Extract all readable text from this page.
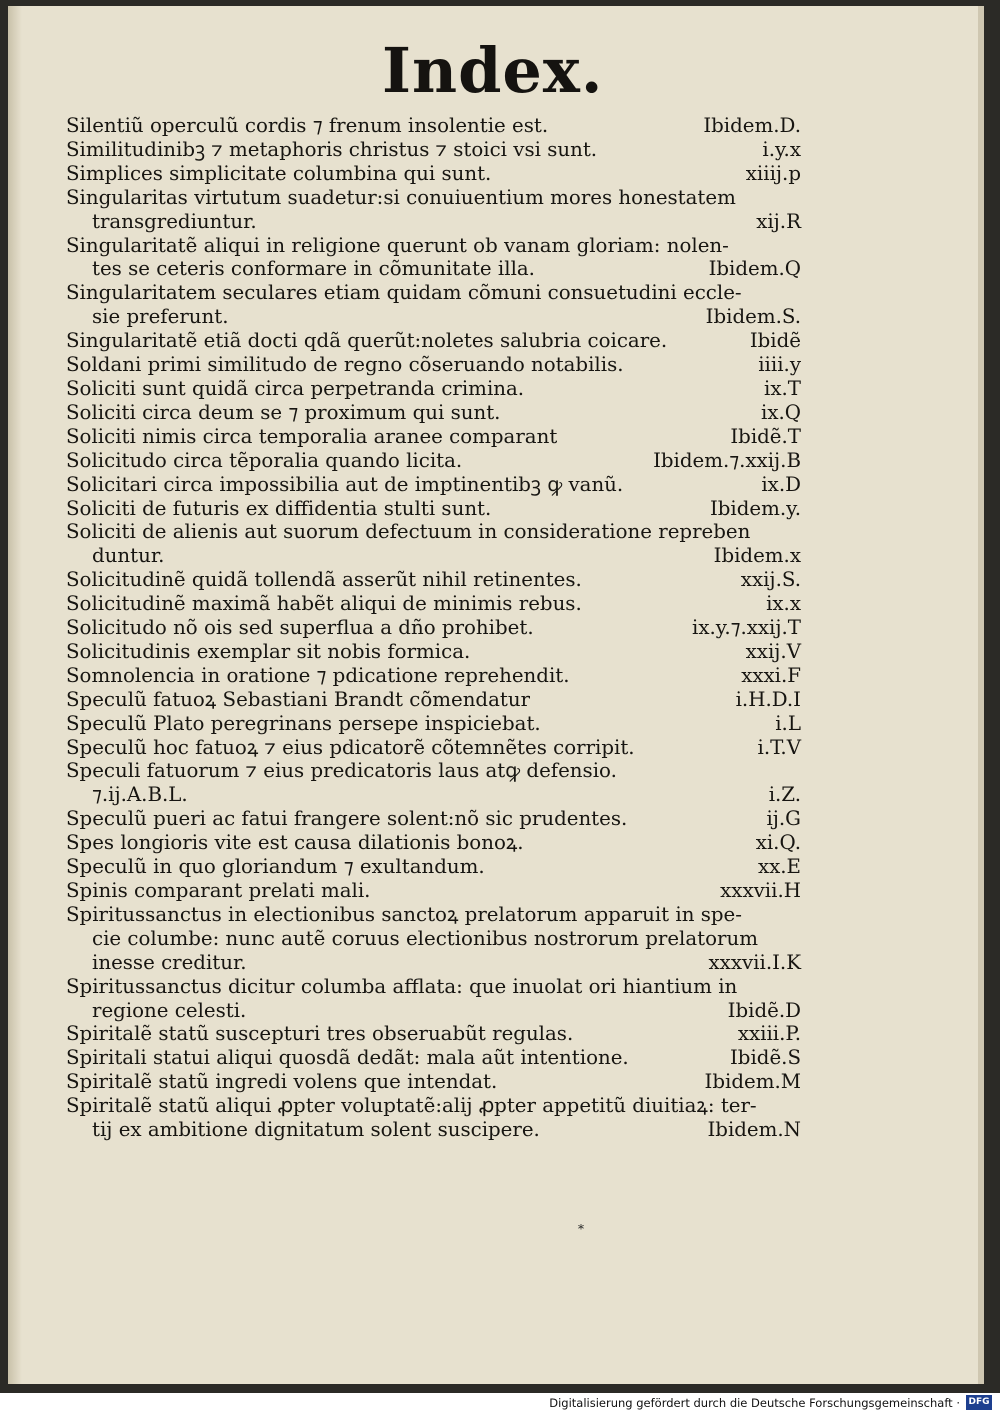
Index.
Silentiũ operculũ cordis ⁊ frenum insolentie est.	Ibidem.D.
Similitudinibꝫ ⁊ metaphoris christus ⁊ stoici vsi sunt.	i.y.x
Simplices simplicitate columbina qui sunt.	xiiij.p
Singularitas virtutum suadetur:si conuiuentium mores honestatem
transgrediuntur.	xij.R
Singularitatẽ aliqui in religione querunt ob vanam gloriam: nolen-
tes se ceteris conformare in cõmunitate illa.	Ibidem.Q
Singularitatem seculares etiam quidam cõmuni consuetudini eccle-
sie preferunt.	Ibidem.S.
Singularitatẽ etiã docti qdã querũt:noletes salubria coicare.	Ibidẽ
Soldani primi similitudo de regno cõseruando notabilis.	iiii.y
Soliciti sunt quidã circa perpetranda crimina.	ix.T
Soliciti circa deum se ⁊ proximum qui sunt.	ix.Q
Soliciti nimis circa temporalia aranee comparant	Ibidẽ.T
Solicitudo circa tẽporalia quando licita.	Ibidem.⁊.xxij.B
Solicitari circa impossibilia aut de imptinentibꝫ ꝙ vanũ.	ix.D
Soliciti de futuris ex diffidentia stulti sunt.	Ibidem.y.
Soliciti de alienis aut suorum defectuum in consideratione repreben
duntur.	Ibidem.x
Solicitudinẽ quidã tollendã asserũt nihil retinentes.	xxij.S.
Solicitudinẽ maximã habẽt aliqui de minimis rebus.	ix.x
Solicitudo nõ ois sed superflua a dño prohibet.	ix.y.⁊.xxij.T
Solicitudinis exemplar sit nobis formica.	xxij.V
Somnolencia in oratione ⁊ pdicatione reprehendit.	xxxi.F
Speculũ fatuoꝝ Sebastiani Brandt cõmendatur	i.H.D.I
Speculũ Plato peregrinans persepe inspiciebat.	i.L
Speculũ hoc fatuoꝝ ⁊ eius pdicatorẽ cõtemnẽtes corripit.	i.T.V
Speculi fatuorum ⁊ eius predicatoris laus atꝙ defensio.
⁊.ij.A.B.L.	i.Z.
Speculũ pueri ac fatui frangere solent:nõ sic prudentes.	ij.G
Spes longioris vite est causa dilationis bonoꝝ.	xi.Q.
Speculũ in quo gloriandum ⁊ exultandum.	xx.E
Spinis comparant prelati mali.	xxxvii.H
Spiritussanctus in electionibus sanctoꝝ prelatorum apparuit in spe-
cie columbe: nunc autẽ coruus electionibus nostrorum prelatorum
inesse creditur.	xxxvii.I.K
Spiritussanctus dicitur columba afflata: que inuolat ori hiantium in
regione celesti.	Ibidẽ.D
Spiritalẽ statũ suscepturi tres obseruabũt regulas.	xxiii.P.
Spiritali statui aliqui quosdã dedãt: mala aũt intentione.	Ibidẽ.S
Spiritalẽ statũ ingredi volens que intendat.	Ibidem.M
Spiritalẽ statũ aliqui ꝓpter voluptatẽ:alij ꝓpter appetitũ diuitiaꝝ: ter-
tij ex ambitione dignitatum solent suscipere.	Ibidem.N
*
Digitalisierung gefördert durch die Deutsche Forschungsgemeinschaft · DFG
